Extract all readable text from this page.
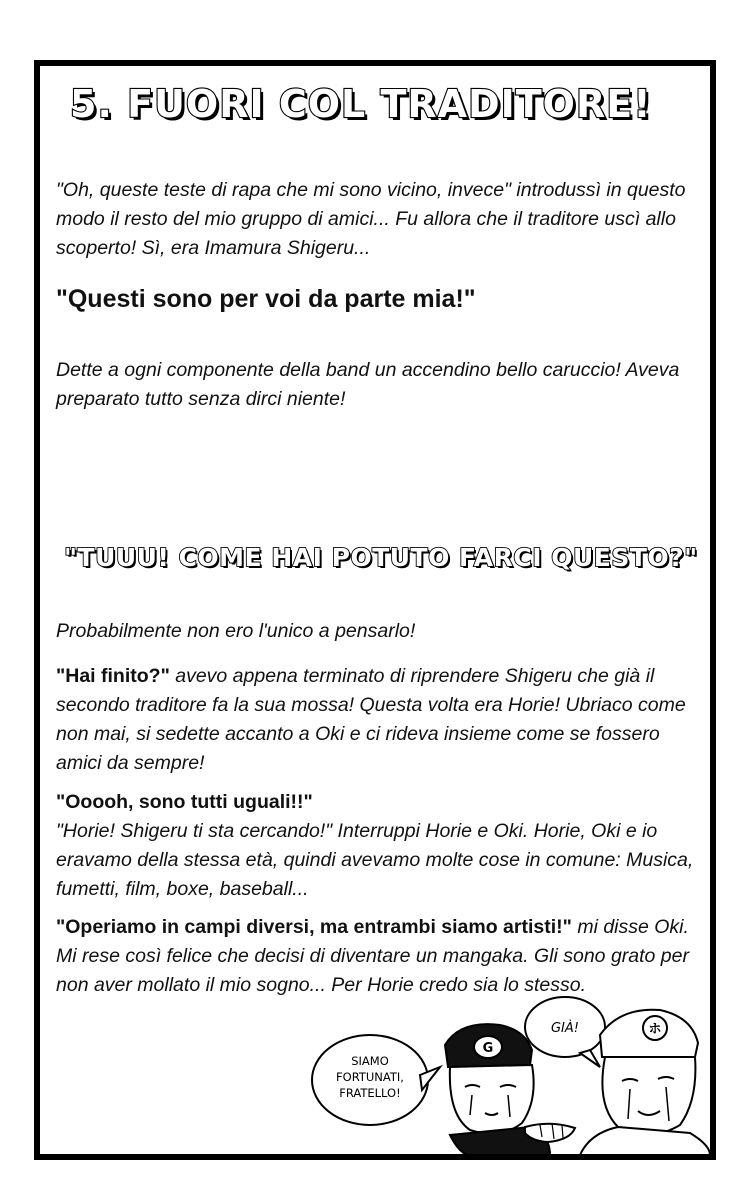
5. FUORI COL TRADITORE!
"Oh, queste teste di rapa che mi sono vicino, invece" introdussì in questo modo il resto del mio gruppo di amici... Fu allora che il traditore uscì allo scoperto! Sì, era Imamura Shigeru...
"Questi sono per voi da parte mia!"
Dette a ogni componente della band un accendino bello caruccio! Aveva preparato tutto senza dirci niente!
"TUUU! COME HAI POTUTO FARCI QUESTO?"
Probabilmente non ero l'unico a pensarlo!
"Hai finito?" avevo appena terminato di riprendere Shigeru che già il secondo traditore fa la sua mossa! Questa volta era Horie! Ubriaco come non mai, si sedette accanto a Oki e ci rideva insieme come se fossero amici da sempre!
"Ooooh, sono tutti uguali!!"
"Horie! Shigeru ti sta cercando!" Interruppi Horie e Oki. Horie, Oki e io eravamo della stessa età, quindi avevamo molte cose in comune: Musica, fumetti, film, boxe, baseball...
"Operiamo in campi diversi, ma entrambi siamo artisti!" mi disse Oki. Mi rese così felice che decisi di diventare un mangaka. Gli sono grato per non aver mollato il mio sogno... Per Horie credo sia lo stesso.
SIAMO
FORTUNATI,
FRATELLO!
GIÀ!
G
ホ
